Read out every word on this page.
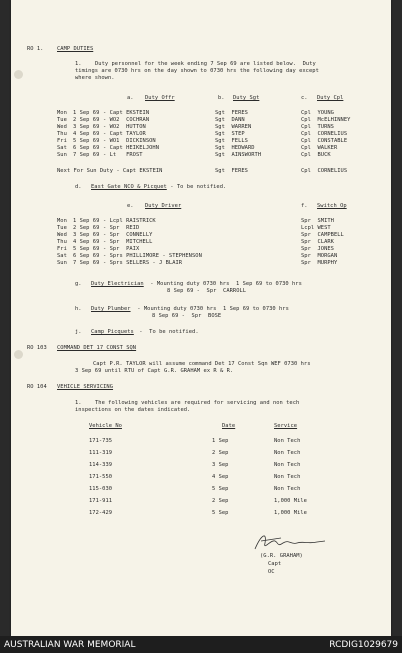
RO 1.	CAMP DUTIES
1. Duty personnel for the week ending 7 Sep 69 are listed below.  Duty
timings are 0730 hrs on the day shown to 0730 hrs the following day except
where shown.
a. Duty Offr	b. Duty Sgt	c. Duty Cpl
Mon 1 Sep 69 - Capt EKSTEIN	Sgt  FERES	Cpl  YOUNG
Tue 2 Sep 69 - WO2  COCHRAN	Sgt  DANN	Cpl  McELHINNEY
Wed 3 Sep 69 - WO2  HUTTON	Sgt  WARREN	Cpl  TURNS
Thu 4 Sep 69 - Capt TAYLOR	Sgt  STEP	Cpl  CORNELIUS
Fri 5 Sep 69 - WO1  DICKINSON	Sgt  FELLS	Cpl  CONSTABLE
Sat 6 Sep 69 - Capt HEIKELJOHN	Sgt  HEDWARD	Cpl  WALKER
Sun 7 Sep 69 - Lt   FROST	Sgt  AINSWORTH	Cpl  BUCK
Next For Sun Duty - Capt EKSTEIN	Sgt  FERES	Cpl  CORNELIUS
d. East Gate NCO & Picquet - To be notified.
e. Duty Driver	f. Switch Op
Mon 1 Sep 69 - Lcpl RAISTRICK	Spr  SMITH
Tue 2 Sep 69 - Spr  REID	Lcpl WEST
Wed 3 Sep 69 - Spr  CONNELLY	Spr  CAMPBELL
Thu 4 Sep 69 - Spr  MITCHELL	Spr  CLARK
Fri 5 Sep 69 - Spr  PAIX	Spr  JONES
Sat 6 Sep 69 - Sprs PHILLIMORE - STEPHENSON	Spr  MORGAN
Sun 7 Sep 69 - Sprs SELLERS - J BLAIR	Spr  MURPHY
g. Duty Electrician - Mounting duty 0730 hrs  1 Sep 69 to 0730 hrs
8 Sep 69 -  Spr  CARROLL
h. Duty Plumber - Mounting duty 0730 hrs  1 Sep 69 to 0730 hrs
8 Sep 69 -  Spr  BOSE
j. Camp Picquets -  To be notified.
RO 103 COMMAND DET 17 CONST SQN
Capt P.R. TAYLOR will assume command Det 17 Const Sqn WEF 0730 hrs
3 Sep 69 until RTU of Capt G.R. GRAHAM ex R & R.
RO 104 VEHICLE SERVICING
1. The following vehicles are required for servicing and non tech
inspections on the dates indicated.
Vehicle No	Date	Service
171-735	1 Sep	Non Tech
111-319	2 Sep	Non Tech
114-339	3 Sep	Non Tech
171-550	4 Sep	Non Tech
115-030	5 Sep	Non Tech
171-911	2 Sep	1,000 Mile
172-429	5 Sep	1,000 Mile
(G.R. GRAHAM)
Capt
OC
AUSTRALIAN WAR MEMORIAL	RCDIG1029679
